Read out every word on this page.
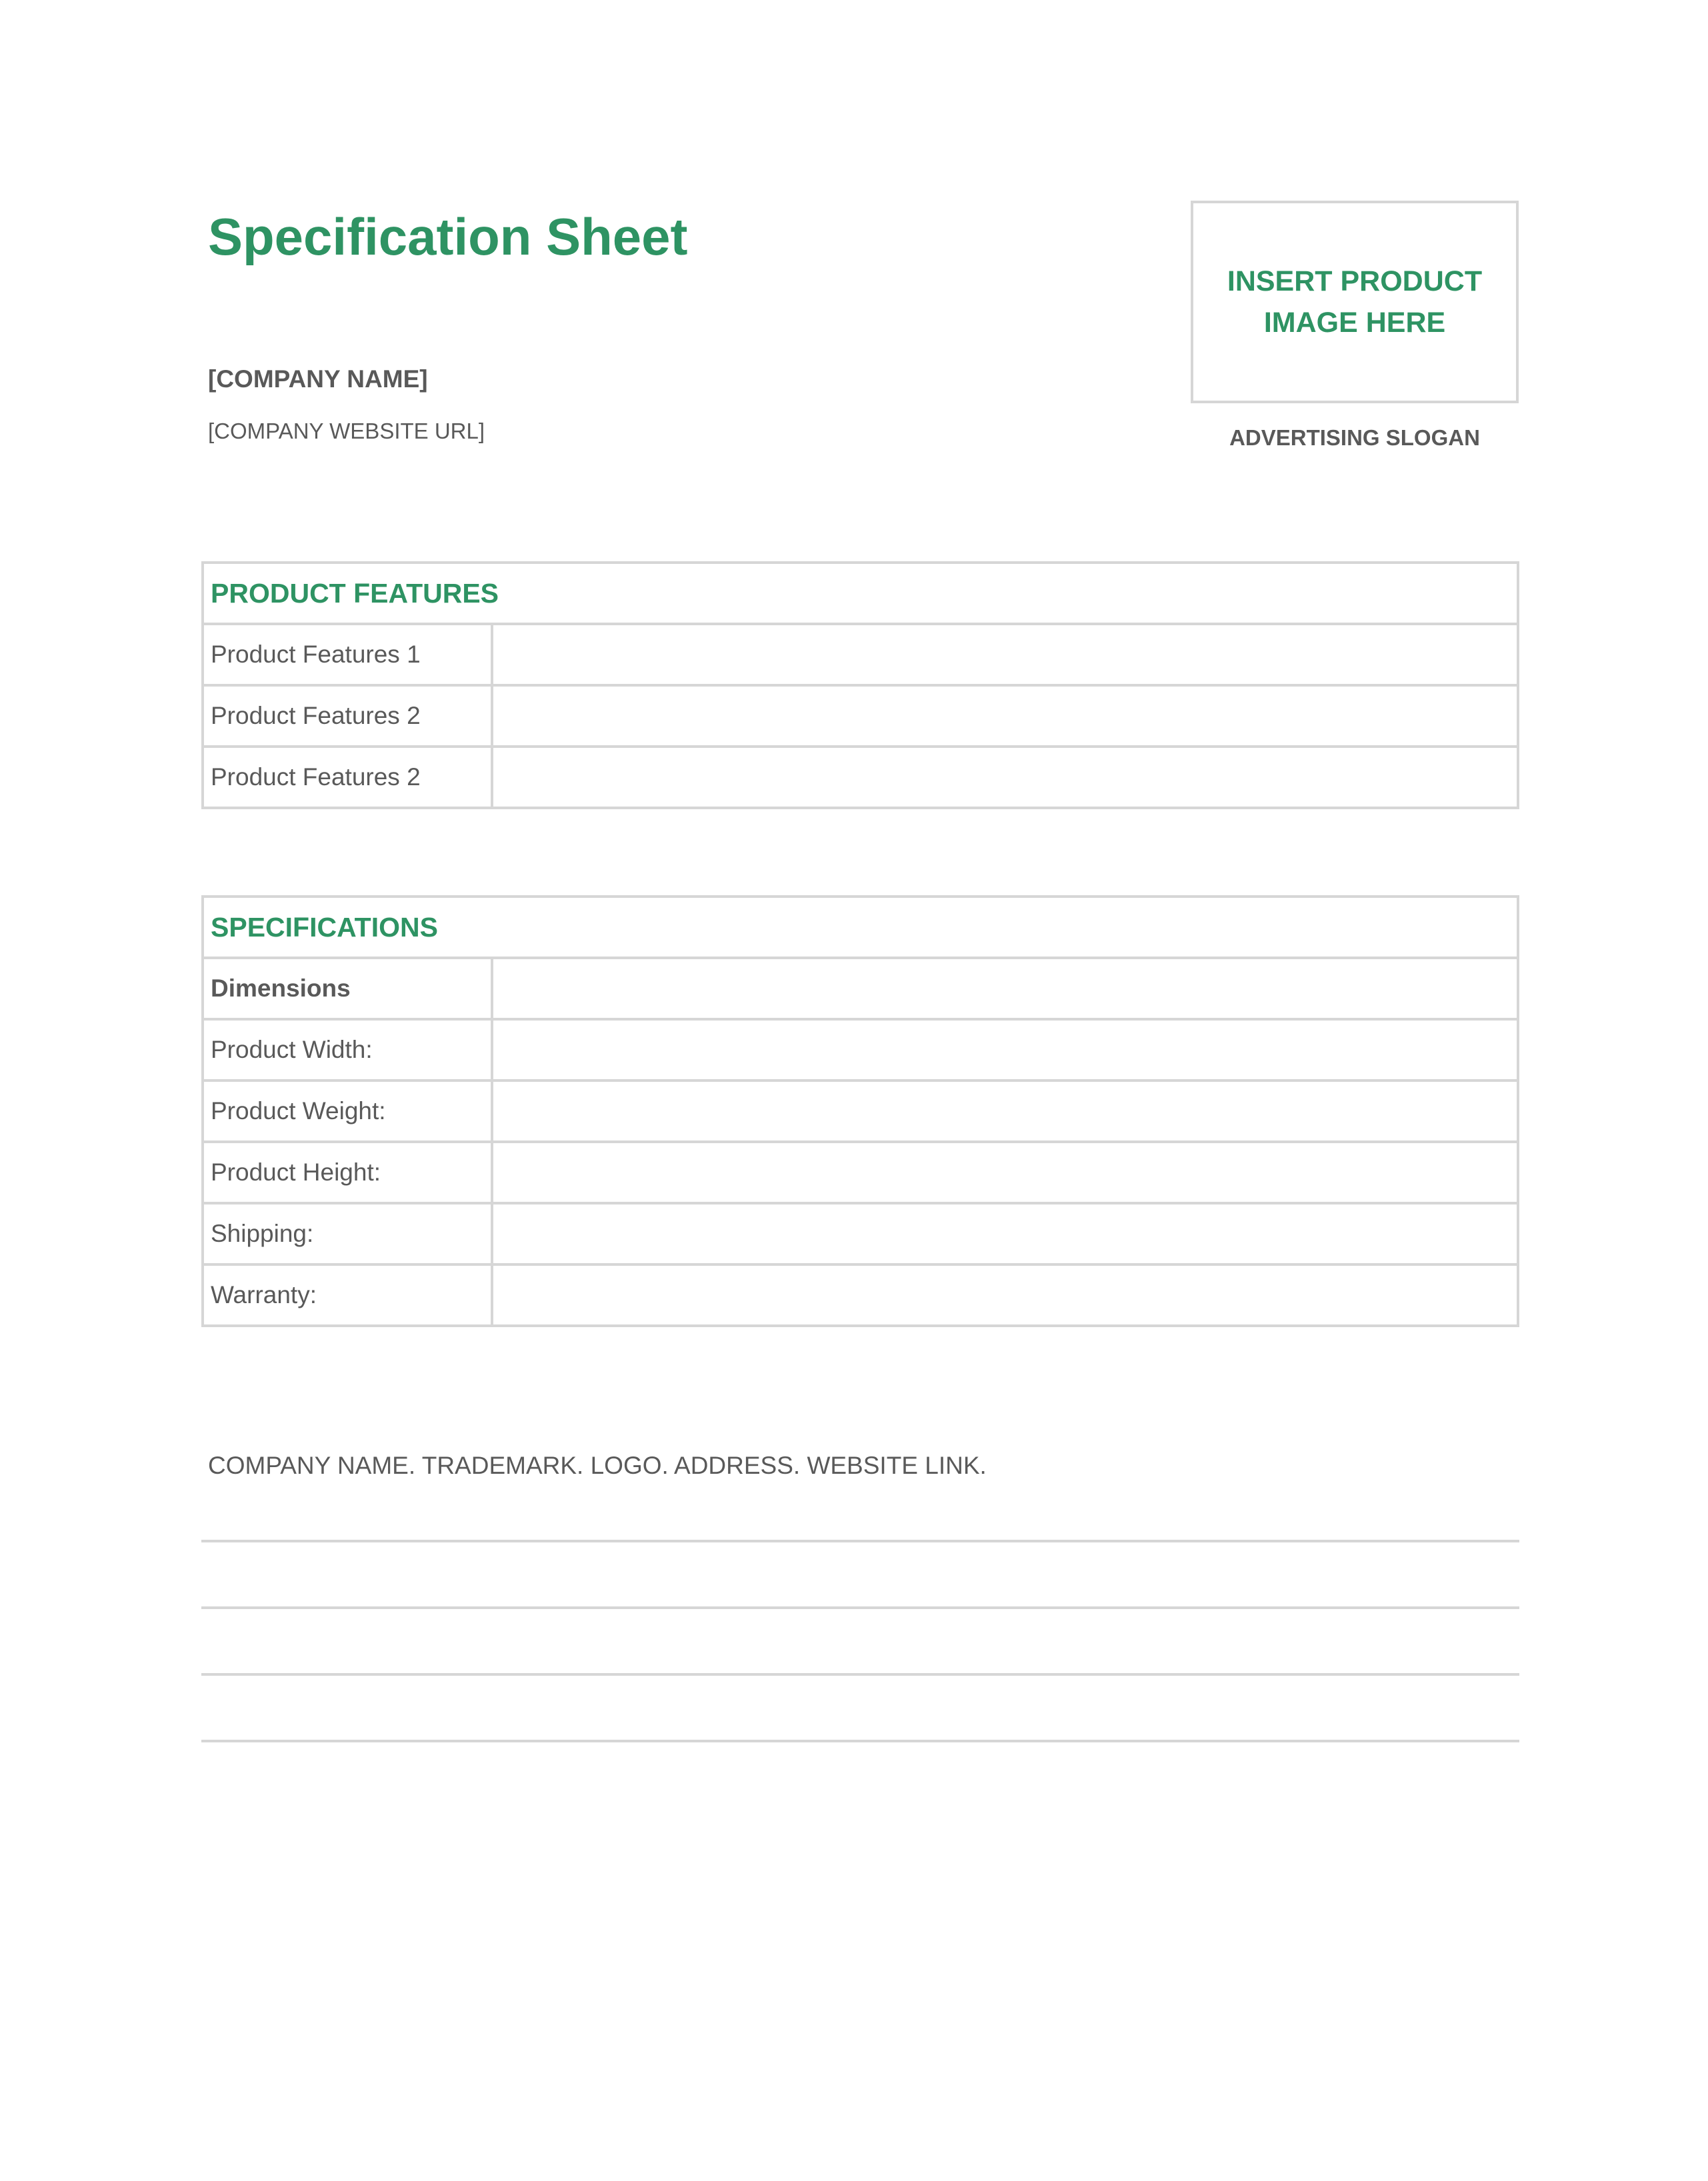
Specification Sheet
[COMPANY NAME]
[COMPANY WEBSITE URL]
INSERT PRODUCT
IMAGE HERE
ADVERTISING SLOGAN
PRODUCT FEATURES	
Product Features 1	
Product Features 2	
Product Features 2	
SPECIFICATIONS	
Dimensions	
Product Width:	
Product Weight:	
Product Height:	
Shipping:	
Warranty:	
COMPANY NAME. TRADEMARK. LOGO. ADDRESS. WEBSITE LINK.
